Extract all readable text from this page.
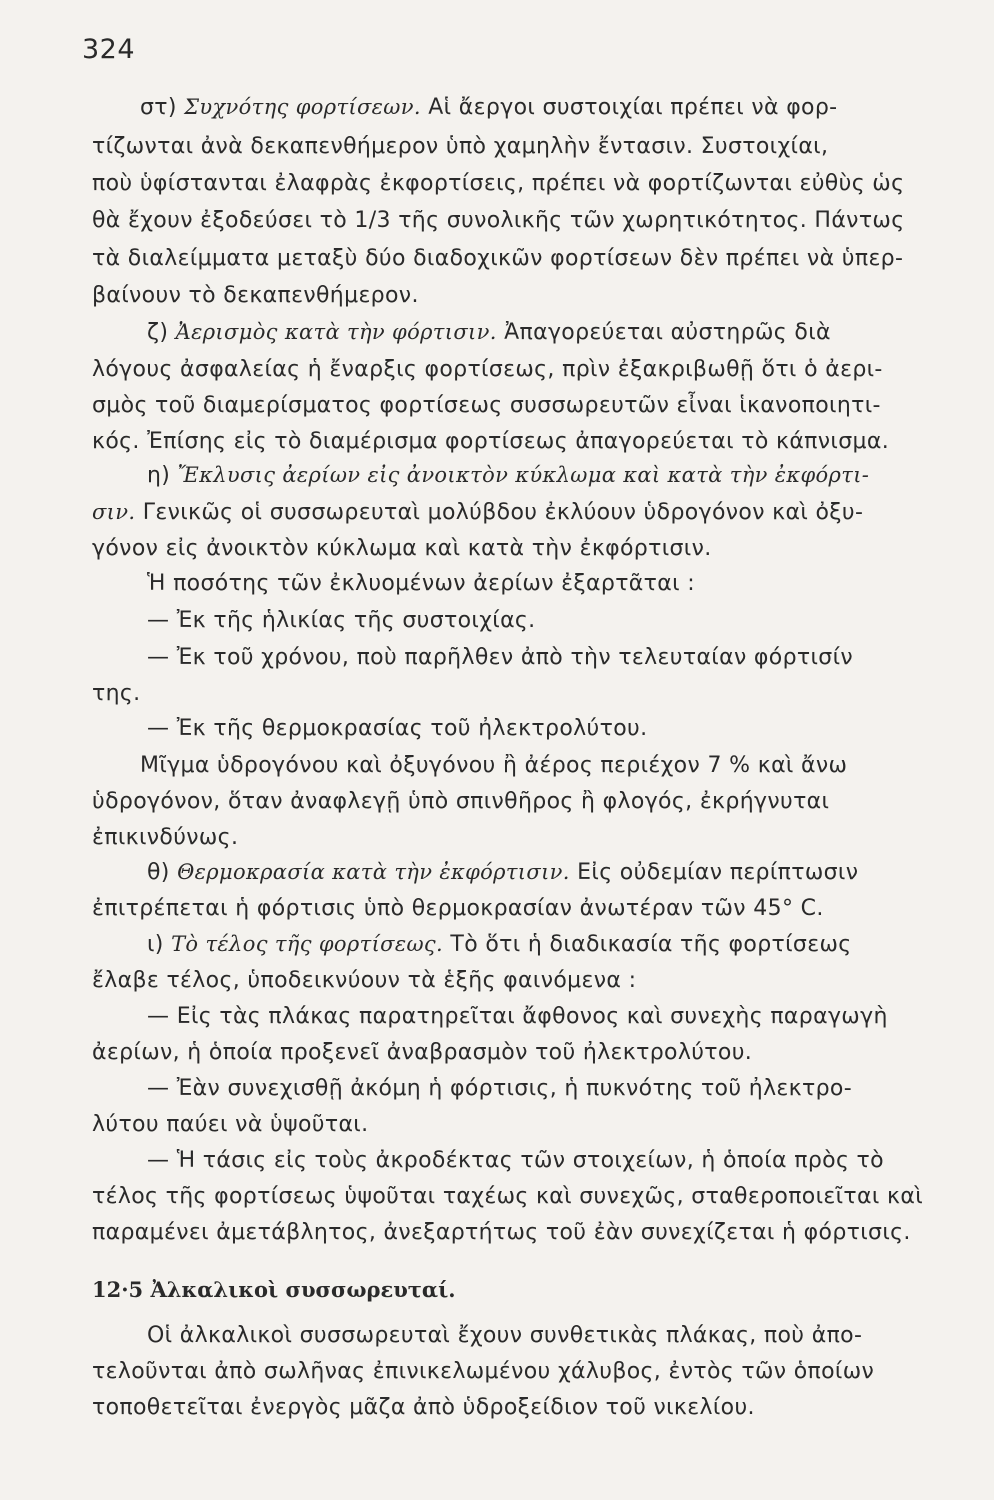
324
στ) Συχνότης φορτίσεων. Αἱ ἄεργοι συστοιχίαι πρέπει νὰ φορ-
τίζωνται ἀνὰ δεκαπενθήμερον ὑπὸ χαμηλὴν ἔντασιν. Συστοιχίαι,
ποὺ ὑφίστανται ἐλαφρὰς ἐκφορτίσεις, πρέπει νὰ φορτίζωνται εὐθὺς ὡς
θὰ ἔχουν ἐξοδεύσει τὸ 1/3 τῆς συνολικῆς τῶν χωρητικότητος. Πάντως
τὰ διαλείμματα μεταξὺ δύο διαδοχικῶν φορτίσεων δὲν πρέπει νὰ ὑπερ-
βαίνουν τὸ δεκαπενθήμερον.
ζ) Ἀερισμὸς κατὰ τὴν φόρτισιν. Ἀπαγορεύεται αὐστηρῶς διὰ
λόγους ἀσφαλείας ἡ ἔναρξις φορτίσεως, πρὶν ἐξακριβωθῇ ὅτι ὁ ἀερι-
σμὸς τοῦ διαμερίσματος φορτίσεως συσσωρευτῶν εἶναι ἱκανοποιητι-
κός. Ἐπίσης εἰς τὸ διαμέρισμα φορτίσεως ἀπαγορεύεται τὸ κάπνισμα.
η) Ἔκλυσις ἀερίων εἰς ἀνοικτὸν κύκλωμα καὶ κατὰ τὴν ἐκφόρτι-
σιν. Γενικῶς οἱ συσσωρευταὶ μολύβδου ἐκλύουν ὑδρογόνον καὶ ὀξυ-
γόνον εἰς ἀνοικτὸν κύκλωμα καὶ κατὰ τὴν ἐκφόρτισιν.
Ἡ ποσότης τῶν ἐκλυομένων ἀερίων ἐξαρτᾶται :
— Ἐκ τῆς ἡλικίας τῆς συστοιχίας.
— Ἐκ τοῦ χρόνου, ποὺ παρῆλθεν ἀπὸ τὴν τελευταίαν φόρτισίν
της.
— Ἐκ τῆς θερμοκρασίας τοῦ ἠλεκτρολύτου.
Μῖγμα ὑδρογόνου καὶ ὀξυγόνου ἢ ἀέρος περιέχον 7 % καὶ ἄνω
ὑδρογόνον, ὅταν ἀναφλεγῇ ὑπὸ σπινθῆρος ἢ φλογός, ἐκρήγνυται
ἐπικινδύνως.
θ) Θερμοκρασία κατὰ τὴν ἐκφόρτισιν. Εἰς οὐδεμίαν περίπτωσιν
ἐπιτρέπεται ἡ φόρτισις ὑπὸ θερμοκρασίαν ἀνωτέραν τῶν 45° C.
ι) Τὸ τέλος τῆς φορτίσεως. Τὸ ὅτι ἡ διαδικασία τῆς φορτίσεως
ἔλαβε τέλος, ὑποδεικνύουν τὰ ἑξῆς φαινόμενα :
— Εἰς τὰς πλάκας παρατηρεῖται ἄφθονος καὶ συνεχὴς παραγωγὴ
ἀερίων, ἡ ὁποία προξενεῖ ἀναβρασμὸν τοῦ ἠλεκτρολύτου.
— Ἐὰν συνεχισθῇ ἀκόμη ἡ φόρτισις, ἡ πυκνότης τοῦ ἠλεκτρο-
λύτου παύει νὰ ὑψοῦται.
— Ἡ τάσις εἰς τοὺς ἀκροδέκτας τῶν στοιχείων, ἡ ὁποία πρὸς τὸ
τέλος τῆς φορτίσεως ὑψοῦται ταχέως καὶ συνεχῶς, σταθεροποιεῖται καὶ
παραμένει ἀμετάβλητος, ἀνεξαρτήτως τοῦ ἐὰν συνεχίζεται ἡ φόρτισις.
12·5 Ἀλκαλικοὶ συσσωρευταί.
Οἱ ἀλκαλικοὶ συσσωρευταὶ ἔχουν συνθετικὰς πλάκας, ποὺ ἀπο-
τελοῦνται ἀπὸ σωλῆνας ἐπινικελωμένου χάλυβος, ἐντὸς τῶν ὁποίων
τοποθετεῖται ἐνεργὸς μᾶζα ἀπὸ ὑδροξείδιον τοῦ νικελίου.
